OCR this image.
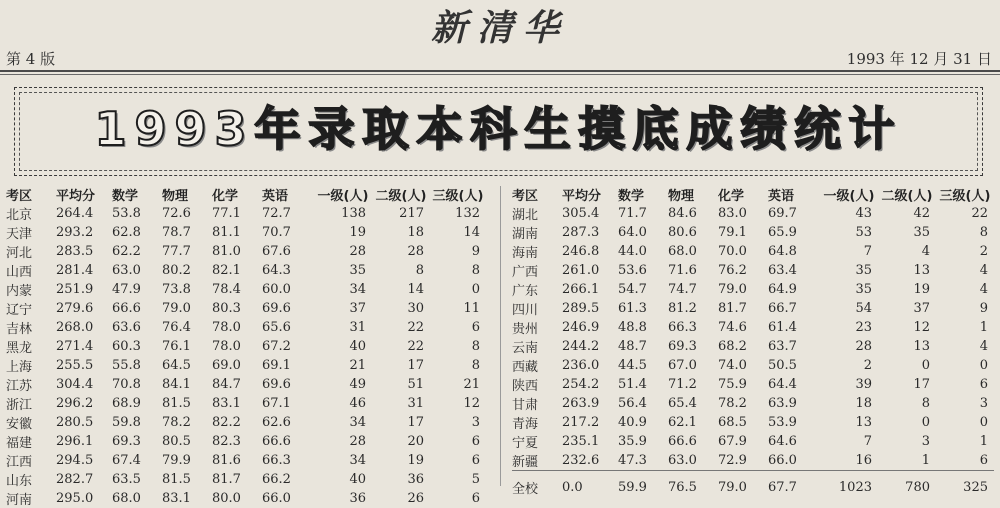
新清华
第 4 版	1993 年 12 月 31 日
1993年录取本科生摸底成绩统计
考区	平均分	数学	物理	化学	英语	一级(人)	二级(人)	三级(人)
北京	264.4	53.8	72.6	77.1	72.7	138	217	132
天津	293.2	62.8	78.7	81.1	70.7	19	18	14
河北	283.5	62.2	77.7	81.0	67.6	28	28	9
山西	281.4	63.0	80.2	82.1	64.3	35	8	8
内蒙	251.9	47.9	73.8	78.4	60.0	34	14	0
辽宁	279.6	66.6	79.0	80.3	69.6	37	30	11
吉林	268.0	63.6	76.4	78.0	65.6	31	22	6
黑龙	271.4	60.3	76.1	78.0	67.2	40	22	8
上海	255.5	55.8	64.5	69.0	69.1	21	17	8
江苏	304.4	70.8	84.1	84.7	69.6	49	51	21
浙江	296.2	68.9	81.5	83.1	67.1	46	31	12
安徽	280.5	59.8	78.2	82.2	62.6	34	17	3
福建	296.1	69.3	80.5	82.3	66.6	28	20	6
江西	294.5	67.4	79.9	81.6	66.3	34	19	6
山东	282.7	63.5	81.5	81.7	66.2	40	36	5
河南	295.0	68.0	83.1	80.0	66.0	36	26	6
考区	平均分	数学	物理	化学	英语	一级(人)	二级(人)	三级(人)
湖北	305.4	71.7	84.6	83.0	69.7	43	42	22
湖南	287.3	64.0	80.6	79.1	65.9	53	35	8
海南	246.8	44.0	68.0	70.0	64.8	7	4	2
广西	261.0	53.6	71.6	76.2	63.4	35	13	4
广东	266.1	54.7	74.7	79.0	64.9	35	19	4
四川	289.5	61.3	81.2	81.7	66.7	54	37	9
贵州	246.9	48.8	66.3	74.6	61.4	23	12	1
云南	244.2	48.7	69.3	68.2	63.7	28	13	4
西藏	236.0	44.5	67.0	74.0	50.5	2	0	0
陕西	254.2	51.4	71.2	75.9	64.4	39	17	6
甘肃	263.9	56.4	65.4	78.2	63.9	18	8	3
青海	217.2	40.9	62.1	68.5	53.9	13	0	0
宁夏	235.1	35.9	66.6	67.9	64.6	7	3	1
新疆	232.6	47.3	63.0	72.9	66.0	16	1	6

全校	0.0	59.9	76.5	79.0	67.7	1023	780	325
